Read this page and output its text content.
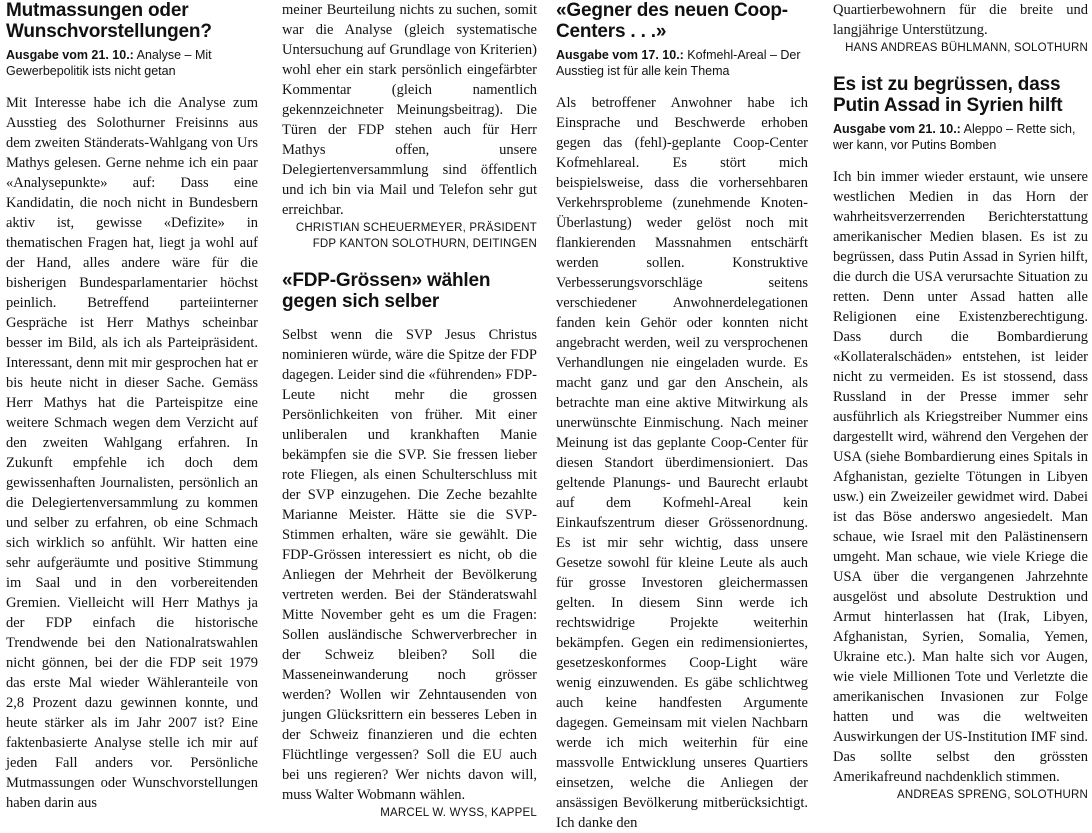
Mutmassungen oder Wunschvorstellungen?

Ausgabe vom 21. 10.: Analyse – Mit Gewerbepolitik ists nicht getan

Mit Interesse habe ich die Analyse zum Ausstieg des Solothurner Freisinns aus dem zweiten Ständerats-Wahlgang von Urs Mathys gelesen. Gerne nehme ich ein paar «Analysepunkte» auf: Dass eine Kandidatin, die noch nicht in Bundesbern aktiv ist, gewisse «Defizite» in thematischen Fragen hat, liegt ja wohl auf der Hand, alles andere wäre für die bisherigen Bundesparlamentarier höchst peinlich. Betreffend parteiinterner Gespräche ist Herr Mathys scheinbar besser im Bild, als ich als Parteipräsident. Interessant, denn mit mir gesprochen hat er bis heute nicht in dieser Sache. Gemäss Herr Mathys hat die Parteispitze eine weitere Schmach wegen dem Verzicht auf den zweiten Wahlgang erfahren. In Zukunft empfehle ich doch dem gewissenhaften Journalisten, persönlich an die Delegiertenversammlung zu kommen und selber zu erfahren, ob eine Schmach sich wirklich so anfühlt. Wir hatten eine sehr aufgeräumte und positive Stimmung im Saal und in den vorbereitenden Gremien. Vielleicht will Herr Mathys ja der FDP einfach die historische Trendwende bei den Nationalratswahlen nicht gönnen, bei der die FDP seit 1979 das erste Mal wieder Wähleranteile von 2,8 Prozent dazu gewinnen konnte, und heute stärker als im Jahr 2007 ist? Eine faktenbasierte Analyse stelle ich mir auf jeden Fall anders vor. Persönliche Mutmassungen oder Wunschvorstellungen haben darin aus

meiner Beurteilung nichts zu suchen, somit war die Analyse (gleich systematische Untersuchung auf Grundlage von Kriterien) wohl eher ein stark persönlich eingefärbter Kommentar (gleich namentlich gekennzeichneter Meinungsbeitrag). Die Türen der FDP stehen auch für Herr Mathys offen, unsere Delegiertenversammlung sind öffentlich und ich bin via Mail und Telefon sehr gut erreichbar.

CHRISTIAN SCHEUERMEYER, PRÄSIDENT

FDP KANTON SOLOTHURN, DEITINGEN

«FDP-Grössen» wählen gegen sich selber

Selbst wenn die SVP Jesus Christus nominieren würde, wäre die Spitze der FDP dagegen. Leider sind die «führenden» FDP-Leute nicht mehr die grossen Persönlichkeiten von früher. Mit einer unliberalen und krankhaften Manie bekämpfen sie die SVP. Sie fressen lieber rote Fliegen, als einen Schulterschluss mit der SVP einzugehen. Die Zeche bezahlte Marianne Meister. Hätte sie die SVP-Stimmen erhalten, wäre sie gewählt. Die FDP-Grössen interessiert es nicht, ob die Anliegen der Mehrheit der Bevölkerung vertreten werden. Bei der Ständeratswahl Mitte November geht es um die Fragen: Sollen ausländische Schwerverbrecher in der Schweiz bleiben? Soll die Masseneinwanderung noch grösser werden? Wollen wir Zehntausenden von jungen Glücksrittern ein besseres Leben in der Schweiz finanzieren und die echten Flüchtlinge vergessen? Soll die EU auch bei uns regieren? Wer nichts davon will, muss Walter Wobmann wählen.

MARCEL W. WYSS, KAPPEL

«Gegner des neuen Coop-Centers . . .»

Ausgabe vom 17. 10.: Kofmehl-Areal – Der Ausstieg ist für alle kein Thema

Als betroffener Anwohner habe ich Einsprache und Beschwerde erhoben gegen das (fehl)-geplante Coop-Center Kofmehlareal. Es stört mich beispielsweise, dass die vorhersehbaren Verkehrsprobleme (zunehmende Knoten-Überlastung) weder gelöst noch mit flankierenden Massnahmen entschärft werden sollen. Konstruktive Verbesserungsvorschläge seitens verschiedener Anwohnerdelegationen fanden kein Gehör oder konnten nicht angebracht werden, weil zu versprochenen Verhandlungen nie eingeladen wurde. Es macht ganz und gar den Anschein, als betrachte man eine aktive Mitwirkung als unerwünschte Einmischung. Nach meiner Meinung ist das geplante Coop-Center für diesen Standort überdimensioniert. Das geltende Planungs- und Baurecht erlaubt auf dem Kofmehl-Areal kein Einkaufszentrum dieser Grössenordnung. Es ist mir sehr wichtig, dass unsere Gesetze sowohl für kleine Leute als auch für grosse Investoren gleichermassen gelten. In diesem Sinn werde ich rechtswidrige Projekte weiterhin bekämpfen. Gegen ein redimensioniertes, gesetzeskonformes Coop-Light wäre wenig einzuwenden. Es gäbe schlichtweg auch keine handfesten Argumente dagegen. Gemeinsam mit vielen Nachbarn werde ich mich weiterhin für eine massvolle Entwicklung unseres Quartiers einsetzen, welche die Anliegen der ansässigen Bevölkerung mitberücksichtigt. Ich danke den

Quartierbewohnern für die breite und langjährige Unterstützung.

HANS ANDREAS BÜHLMANN, SOLOTHURN

Es ist zu begrüssen, dass Putin Assad in Syrien hilft

Ausgabe vom 21. 10.: Aleppo – Rette sich, wer kann, vor Putins Bomben

Ich bin immer wieder erstaunt, wie unsere westlichen Medien in das Horn der wahrheitsverzerrenden Berichterstattung amerikanischer Medien blasen. Es ist zu begrüssen, dass Putin Assad in Syrien hilft, die durch die USA verursachte Situation zu retten. Denn unter Assad hatten alle Religionen eine Existenzberechtigung. Dass durch die Bombardierung «Kollateralschäden» entstehen, ist leider nicht zu vermeiden. Es ist stossend, dass Russland in der Presse immer sehr ausführlich als Kriegstreiber Nummer eins dargestellt wird, während den Vergehen der USA (siehe Bombardierung eines Spitals in Afghanistan, gezielte Tötungen in Libyen usw.) ein Zweizeiler gewidmet wird. Dabei ist das Böse anderswo angesiedelt. Man schaue, wie Israel mit den Palästinensern umgeht. Man schaue, wie viele Kriege die USA über die vergangenen Jahrzehnte ausgelöst und absolute Destruktion und Armut hinterlassen hat (Irak, Libyen, Afghanistan, Syrien, Somalia, Yemen, Ukraine etc.). Man halte sich vor Augen, wie viele Millionen Tote und Verletzte die amerikanischen Invasionen zur Folge hatten und was die weltweiten Auswirkungen der US-Institution IMF sind. Das sollte selbst den grössten Amerikafreund nachdenklich stimmen.

ANDREAS SPRENG, SOLOTHURN
